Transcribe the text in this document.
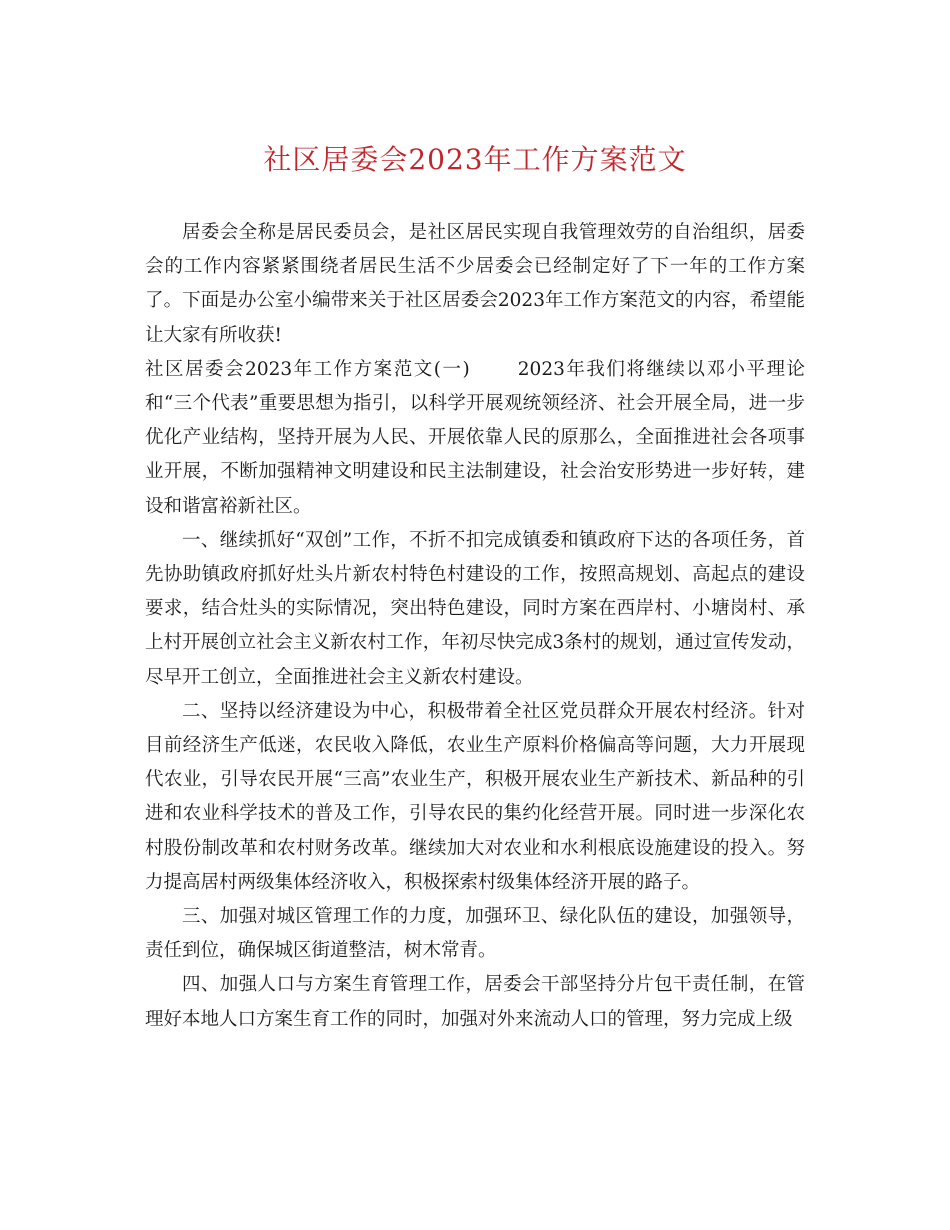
社区居委会2023年工作方案范文

居委会全称是居民委员会，是社区居民实现自我管理效劳的自治组织，居委会的工作内容紧紧围绕者居民生活不少居委会已经制定好了下一年的工作方案了。下面是办公室小编带来关于社区居委会2023年工作方案范文的内容，希望能让大家有所收获!

社区居委会2023年工作方案范文(一)	2023年我们将继续以邓小平理论和“三个代表”重要思想为指引，以科学开展观统领经济、社会开展全局，进一步优化产业结构，坚持开展为人民、开展依靠人民的原那么，全面推进社会各项事业开展，不断加强精神文明建设和民主法制建设，社会治安形势进一步好转，建设和谐富裕新社区。

一、继续抓好“双创”工作，不折不扣完成镇委和镇政府下达的各项任务，首先协助镇政府抓好灶头片新农村特色村建设的工作，按照高规划、高起点的建设要求，结合灶头的实际情况，突出特色建设，同时方案在西岸村、小塘岗村、承上村开展创立社会主义新农村工作，年初尽快完成3条村的规划，通过宣传发动，尽早开工创立，全面推进社会主义新农村建设。

二、坚持以经济建设为中心，积极带着全社区党员群众开展农村经济。针对目前经济生产低迷，农民收入降低，农业生产原料价格偏高等问题，大力开展现代农业，引导农民开展“三高”农业生产，积极开展农业生产新技术、新品种的引进和农业科学技术的普及工作，引导农民的集约化经营开展。同时进一步深化农村股份制改革和农村财务改革。继续加大对农业和水利根底设施建设的投入。努力提高居村两级集体经济收入，积极探索村级集体经济开展的路子。

三、加强对城区管理工作的力度，加强环卫、绿化队伍的建设，加强领导，责任到位，确保城区街道整洁，树木常青。

四、加强人口与方案生育管理工作，居委会干部坚持分片包干责任制，在管理好本地人口方案生育工作的同时，加强对外来流动人口的管理，努力完成上级
